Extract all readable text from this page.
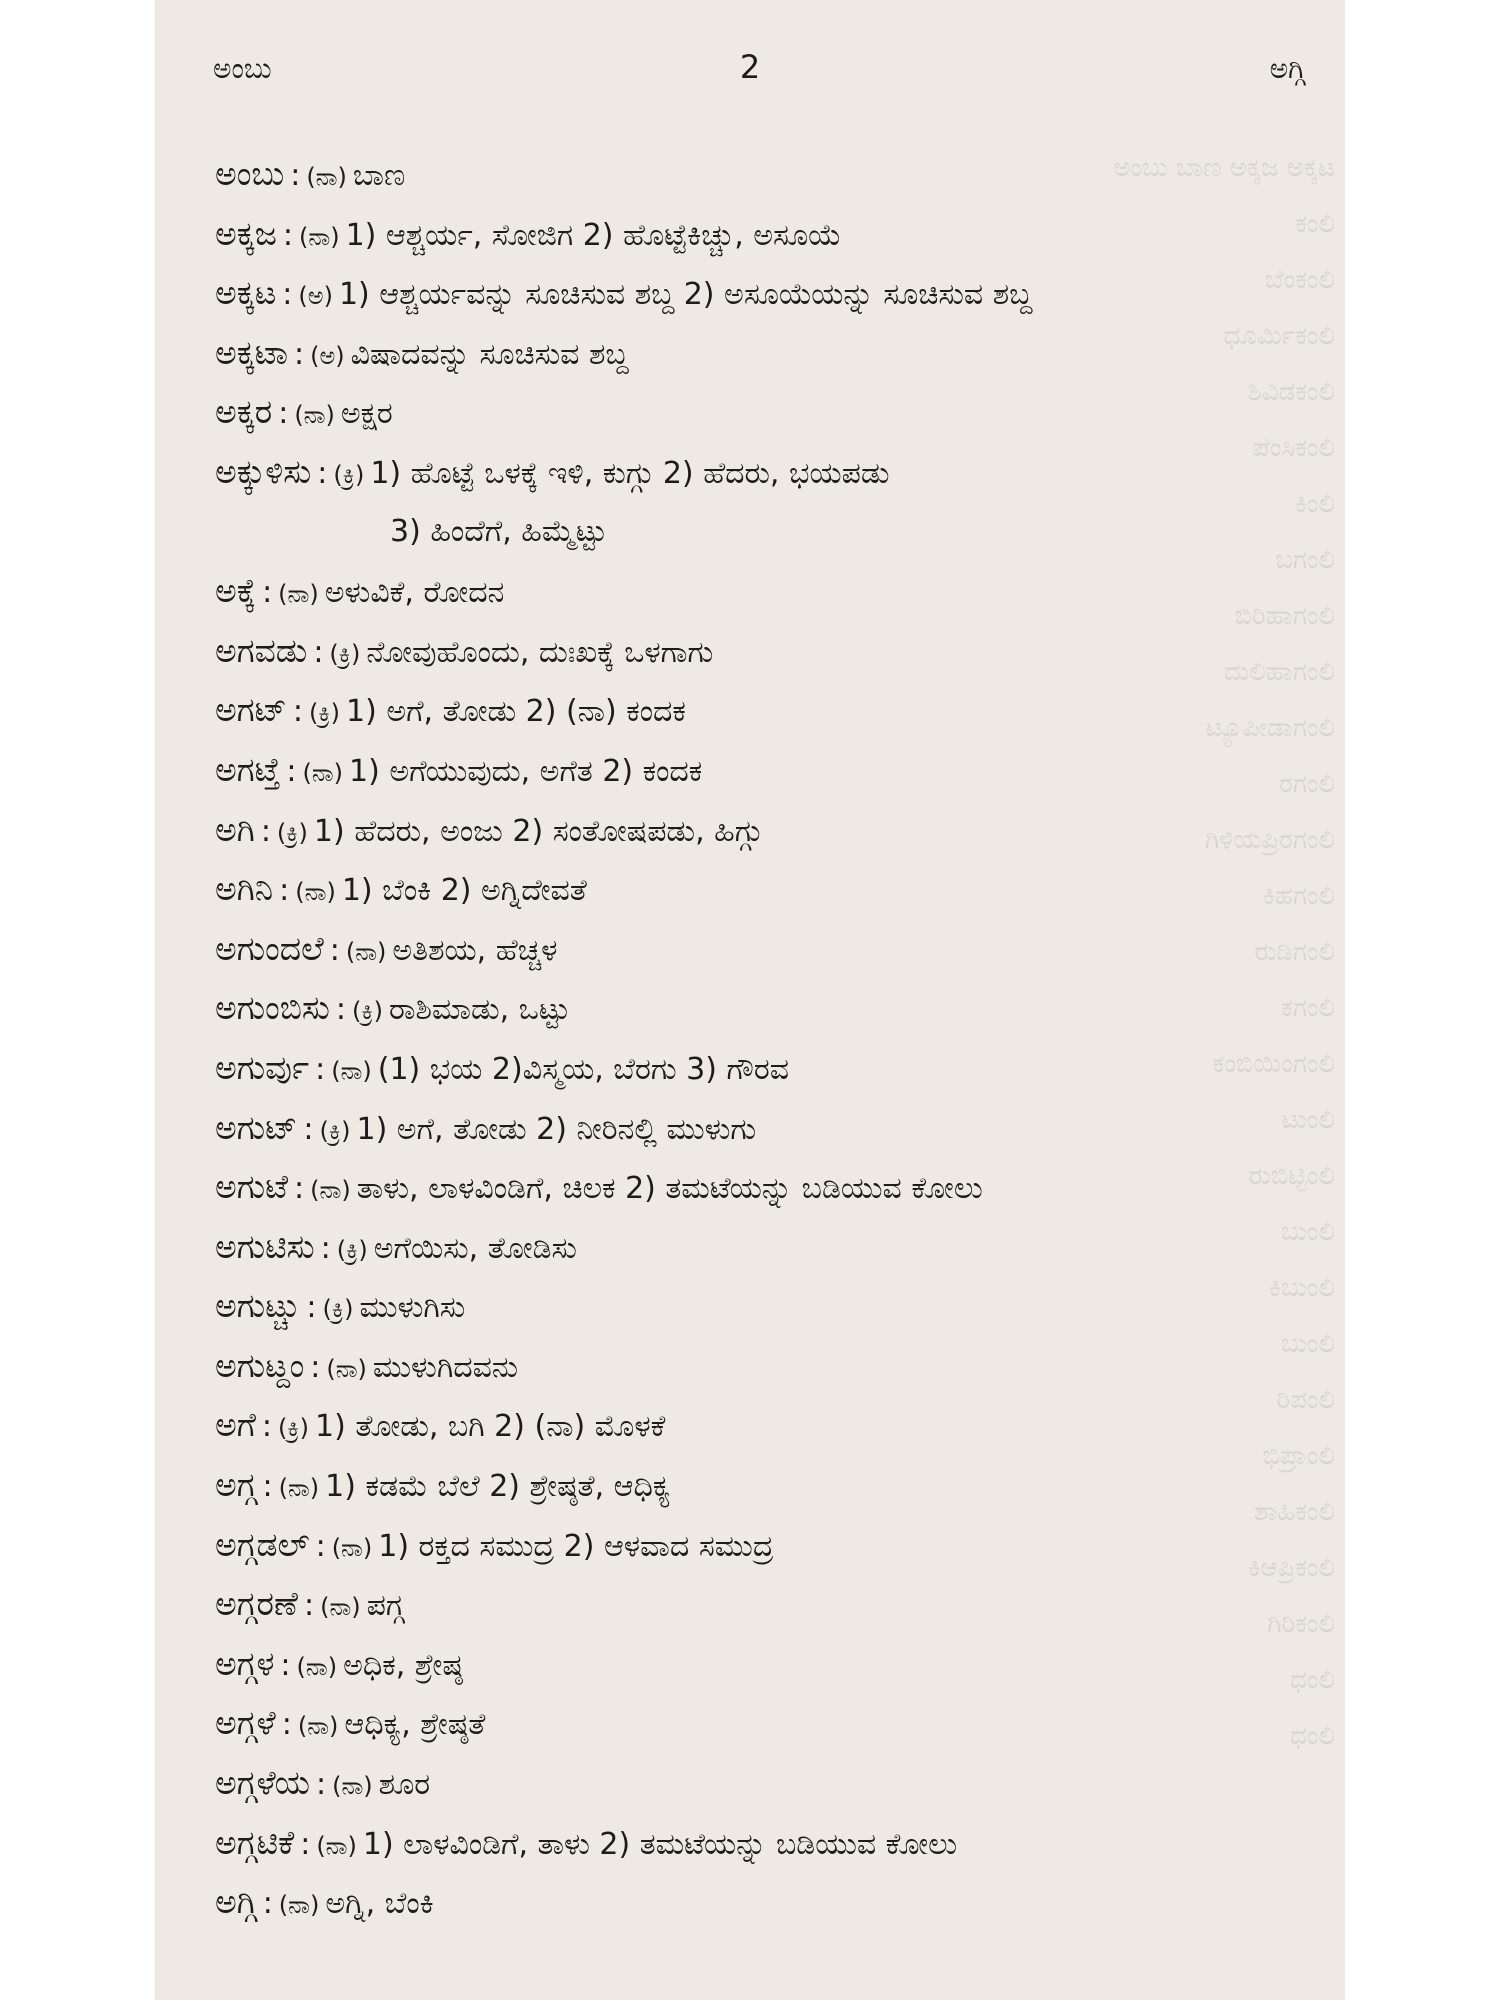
ಅಂಬು	2	ಅಗ್ಗಿ
ಅಂಬು ಬಾಣ ಅಕ್ಕಜ ಅಕ್ಕಟ
ಕಂಲಿ
ಬೆಂಕಂಲಿ
ಧೂರ್ಮಿಕಂಲಿ
ಶಿವಿಡಕಂಲಿ
ಪೆಂಸಿಕಂಲಿ
ಕಿಂಲಿ
ಬಗಂಲಿ
ಬಿರಿಹಾಗಂಲಿ
ದುಲಿಹಾಗಂಲಿ
ಟ್ಯೂಪೀಡಾಗಂಲಿ
ರಗಂಲಿ
ಗಿಳಿಯಪ್ರಿರಗಂಲಿ
ಕಿಹಗಂಲಿ
ರುಡಿಗಂಲಿ
ಕಗಂಲಿ
ಕಂಬಿಯಿಂಗಂಲಿ
ಟುಂಲಿ
ರುಬಿಟ್ಟಿಂಲಿ
ಬುಂಲಿ
ಕಿಬುಂಲಿ
ಬುಂಲಿ
ರಿಪಂಲಿ
ಭಿಪ್ರಾಂಲಿ
ಶಾಹಿಕಂಲಿ
ಕಿಆಪ್ರಿಕಂಲಿ
ಗಿರಿಕಂಲಿ
ಧಂಲಿ
ಧಂಲಿ
ಅಂಬು : (ನಾ) ಬಾಣ
ಅಕ್ಕಜ : (ನಾ) 1) ಆಶ್ಚರ್ಯ, ಸೋಜಿಗ 2) ಹೊಟ್ಟೆಕಿಚ್ಚು, ಅಸೂಯೆ
ಅಕ್ಕಟ : (ಅ) 1) ಆಶ್ಚರ್ಯವನ್ನು ಸೂಚಿಸುವ ಶಬ್ದ 2) ಅಸೂಯೆಯನ್ನು ಸೂಚಿಸುವ ಶಬ್ದ
ಅಕ್ಕಟಾ : (ಅ) ವಿಷಾದವನ್ನು ಸೂಚಿಸುವ ಶಬ್ದ
ಅಕ್ಕರ : (ನಾ) ಅಕ್ಷರ
ಅಕ್ಕುಳಿಸು : (ಕ್ರಿ) 1) ಹೊಟ್ಟೆ ಒಳಕ್ಕೆ ಇಳಿ, ಕುಗ್ಗು 2) ಹೆದರು, ಭಯಪಡು
3) ಹಿಂದೆಗೆ, ಹಿಮ್ಮೆಟ್ಟು
ಅಕ್ಕೆ : (ನಾ) ಅಳುವಿಕೆ, ರೋದನ
ಅಗವಡು : (ಕ್ರಿ) ನೋವುಹೊಂದು, ದುಃಖಕ್ಕೆ ಒಳಗಾಗು
ಅಗಟ್ : (ಕ್ರಿ) 1) ಅಗೆ, ತೋಡು 2) (ನಾ) ಕಂದಕ
ಅಗಟ್ತೆ : (ನಾ) 1) ಅಗೆಯುವುದು, ಅಗೆತ 2) ಕಂದಕ
ಅಗಿ : (ಕ್ರಿ) 1) ಹೆದರು, ಅಂಜು 2) ಸಂತೋಷಪಡು, ಹಿಗ್ಗು
ಅಗಿನಿ : (ನಾ) 1) ಬೆಂಕಿ 2) ಅಗ್ನಿದೇವತೆ
ಅಗುಂದಲೆ : (ನಾ) ಅತಿಶಯ, ಹೆಚ್ಚಳ
ಅಗುಂಬಿಸು : (ಕ್ರಿ) ರಾಶಿಮಾಡು, ಒಟ್ಟು
ಅಗುರ್ವು : (ನಾ) (1) ಭಯ 2)ವಿಸ್ಮಯ, ಬೆರಗು 3) ಗೌರವ
ಅಗುಟ್ : (ಕ್ರಿ) 1) ಅಗೆ, ತೋಡು 2) ನೀರಿನಲ್ಲಿ ಮುಳುಗು
ಅಗುಟೆ : (ನಾ) ತಾಳು, ಲಾಳವಿಂಡಿಗೆ, ಚಿಲಕ 2) ತಮಟೆಯನ್ನು ಬಡಿಯುವ ಕೋಲು
ಅಗುಟಿಸು : (ಕ್ರಿ) ಅಗೆಯಿಸು, ತೋಡಿಸು
ಅಗುಟ್ಚು : (ಕ್ರಿ) ಮುಳುಗಿಸು
ಅಗುಟ್ದಂ : (ನಾ) ಮುಳುಗಿದವನು
ಅಗೆ : (ಕ್ರಿ) 1) ತೋಡು, ಬಗಿ 2) (ನಾ) ಮೊಳಕೆ
ಅಗ್ಗ : (ನಾ) 1) ಕಡಮೆ ಬೆಲೆ 2) ಶ್ರೇಷ್ಠತೆ, ಆಧಿಕ್ಯ
ಅಗ್ಗಡಲ್ : (ನಾ) 1) ರಕ್ತದ ಸಮುದ್ರ 2) ಆಳವಾದ ಸಮುದ್ರ
ಅಗ್ಗರಣೆ : (ನಾ) ಪಗ್ಗ
ಅಗ್ಗಳ : (ನಾ) ಅಧಿಕ, ಶ್ರೇಷ್ಠ
ಅಗ್ಗಳೆ : (ನಾ) ಆಧಿಕ್ಯ, ಶ್ರೇಷ್ಠತೆ
ಅಗ್ಗಳೆಯ : (ನಾ) ಶೂರ
ಅಗ್ಗಟಿಕೆ : (ನಾ) 1) ಲಾಳವಿಂಡಿಗೆ, ತಾಳು 2) ತಮಟೆಯನ್ನು ಬಡಿಯುವ ಕೋಲು
ಅಗ್ಗಿ : (ನಾ) ಅಗ್ನಿ, ಬೆಂಕಿ
